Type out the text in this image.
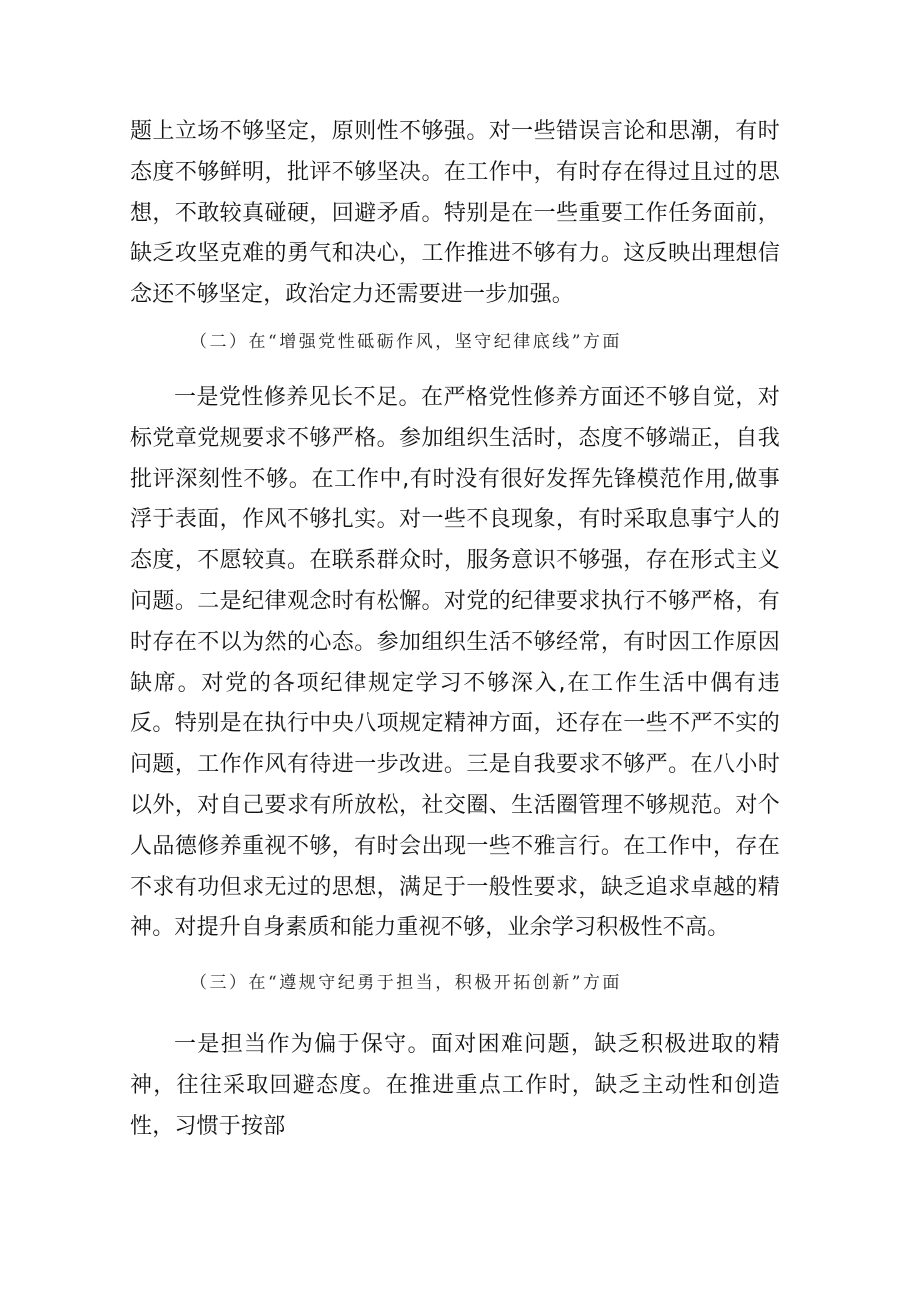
题上立场不够坚定，原则性不够强。对一些错误言论和思潮，有时态度不够鲜明，批评不够坚决。在工作中，有时存在得过且过的思想，不敢较真碰硬，回避矛盾。特别是在一些重要工作任务面前，缺乏攻坚克难的勇气和决心，工作推进不够有力。这反映出理想信念还不够坚定，政治定力还需要进一步加强。

（二）在“增强党性砥砺作风，坚守纪律底线”方面

一是党性修养见长不足。在严格党性修养方面还不够自觉，对标党章党规要求不够严格。参加组织生活时，态度不够端正，自我批评深刻性不够。在工作中,有时没有很好发挥先锋模范作用,做事浮于表面，作风不够扎实。对一些不良现象，有时采取息事宁人的态度，不愿较真。在联系群众时，服务意识不够强，存在形式主义问题。二是纪律观念时有松懈。对党的纪律要求执行不够严格，有时存在不以为然的心态。参加组织生活不够经常，有时因工作原因缺席。对党的各项纪律规定学习不够深入,在工作生活中偶有违反。特别是在执行中央八项规定精神方面，还存在一些不严不实的问题，工作作风有待进一步改进。三是自我要求不够严。在八小时以外，对自己要求有所放松，社交圈、生活圈管理不够规范。对个人品德修养重视不够，有时会出现一些不雅言行。在工作中，存在不求有功但求无过的思想，满足于一般性要求，缺乏追求卓越的精神。对提升自身素质和能力重视不够，业余学习积极性不高。

（三）在“遵规守纪勇于担当，积极开拓创新”方面

一是担当作为偏于保守。面对困难问题，缺乏积极进取的精神，往往采取回避态度。在推进重点工作时，缺乏主动性和创造性，习惯于按部
